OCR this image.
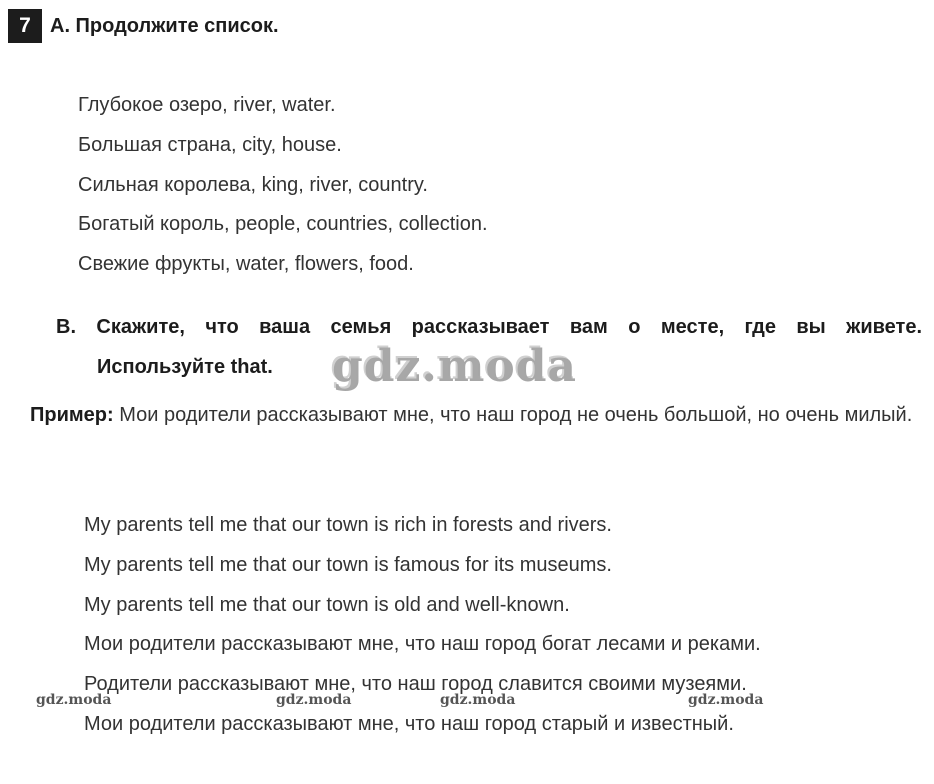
7 A. Продолжите список.
Глубокое озеро, river, water.
Большая страна, city, house.
Сильная королева, king, river, country.
Богатый король, people, countries, collection.
Свежие фрукты, water, flowers, food.
B. Скажите, что ваша семья рассказывает вам о месте, где вы живете.
Используйте that. gdz.moda
Пример: Мои родители рассказывают мне, что наш город не очень большой, но очень милый.
My parents tell me that our town is rich in forests and rivers.
My parents tell me that our town is famous for its museums.
My parents tell me that our town is old and well-known.
Мои родители рассказывают мне, что наш город богат лесами и реками.
Родители рассказывают мне, что наш город славится своими музеями.
Мои родители рассказывают мне, что наш город старый и известный.
gdz.moda	gdz.moda	gdz.moda	gdz.moda
